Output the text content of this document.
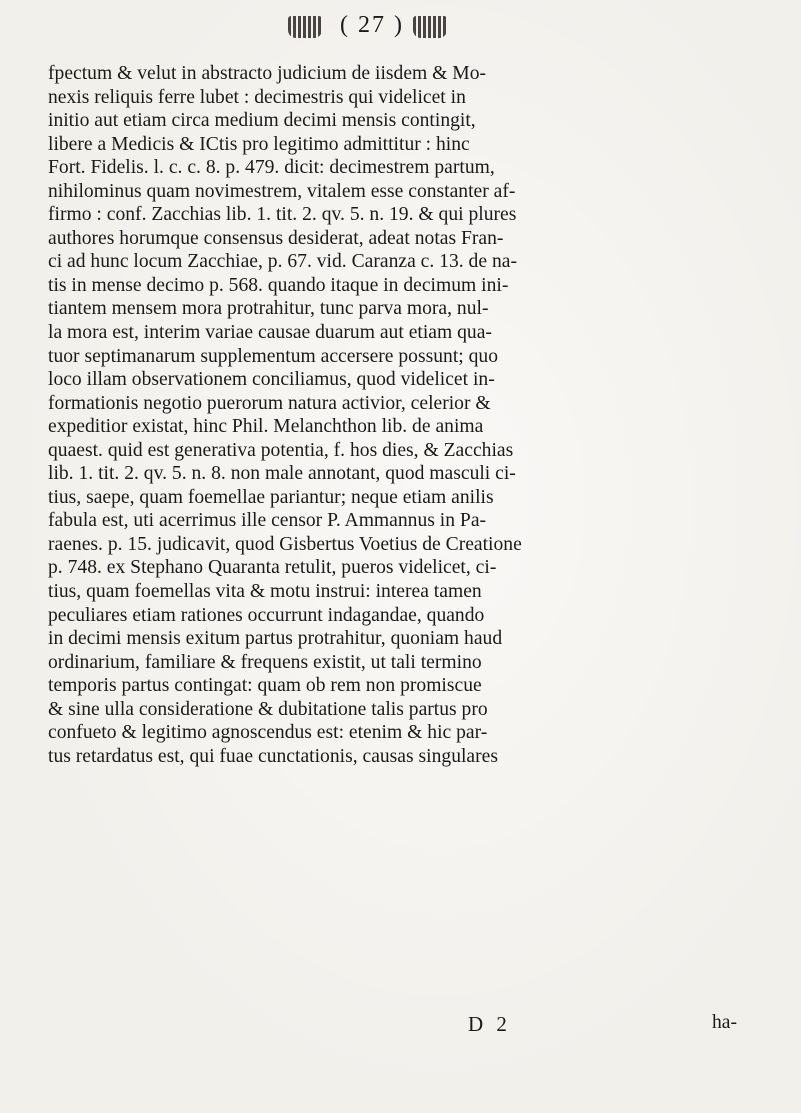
( 27 )
fpectum & velut in abstracto judicium de iisdem & Mo-
nexis reliquis ferre lubet : decimestris qui videlicet in
initio aut etiam circa medium decimi mensis contingit,
libere a Medicis & ICtis pro legitimo admittitur : hinc
Fort. Fidelis. l. c. c. 8. p. 479. dicit: decimestrem partum,
nihilominus quam novimestrem, vitalem esse constanter af-
firmo : conf. Zacchias lib. 1. tit. 2. qv. 5. n. 19. & qui plures
authores horumque consensus desiderat, adeat notas Fran-
ci ad hunc locum Zacchiae, p. 67. vid. Caranza c. 13. de na-
tis in mense decimo p. 568. quando itaque in decimum ini-
tiantem mensem mora protrahitur, tunc parva mora, nul-
la mora est, interim variae causae duarum aut etiam qua-
tuor septimanarum supplementum accersere possunt; quo
loco illam observationem conciliamus, quod videlicet in-
formationis negotio puerorum natura activior, celerior &
expeditior existat, hinc Phil. Melanchthon lib. de anima
quaest. quid est generativa potentia, f. hos dies, & Zacchias
lib. 1. tit. 2. qv. 5. n. 8. non male annotant, quod masculi ci-
tius, saepe, quam foemellae pariantur; neque etiam anilis
fabula est, uti acerrimus ille censor P. Ammannus in Pa-
raenes. p. 15. judicavit, quod Gisbertus Voetius de Creatione
p. 748. ex Stephano Quaranta retulit, pueros videlicet, ci-
tius, quam foemellas vita & motu instrui: interea tamen
peculiares etiam rationes occurrunt indagandae, quando
in decimi mensis exitum partus protrahitur, quoniam haud
ordinarium, familiare & frequens existit, ut tali termino
temporis partus contingat: quam ob rem non promiscue
& sine ulla consideratione & dubitatione talis partus pro
confueto & legitimo agnoscendus est: etenim & hic par-
tus retardatus est, qui fuae cunctationis, causas singulares
D 2	ha-
